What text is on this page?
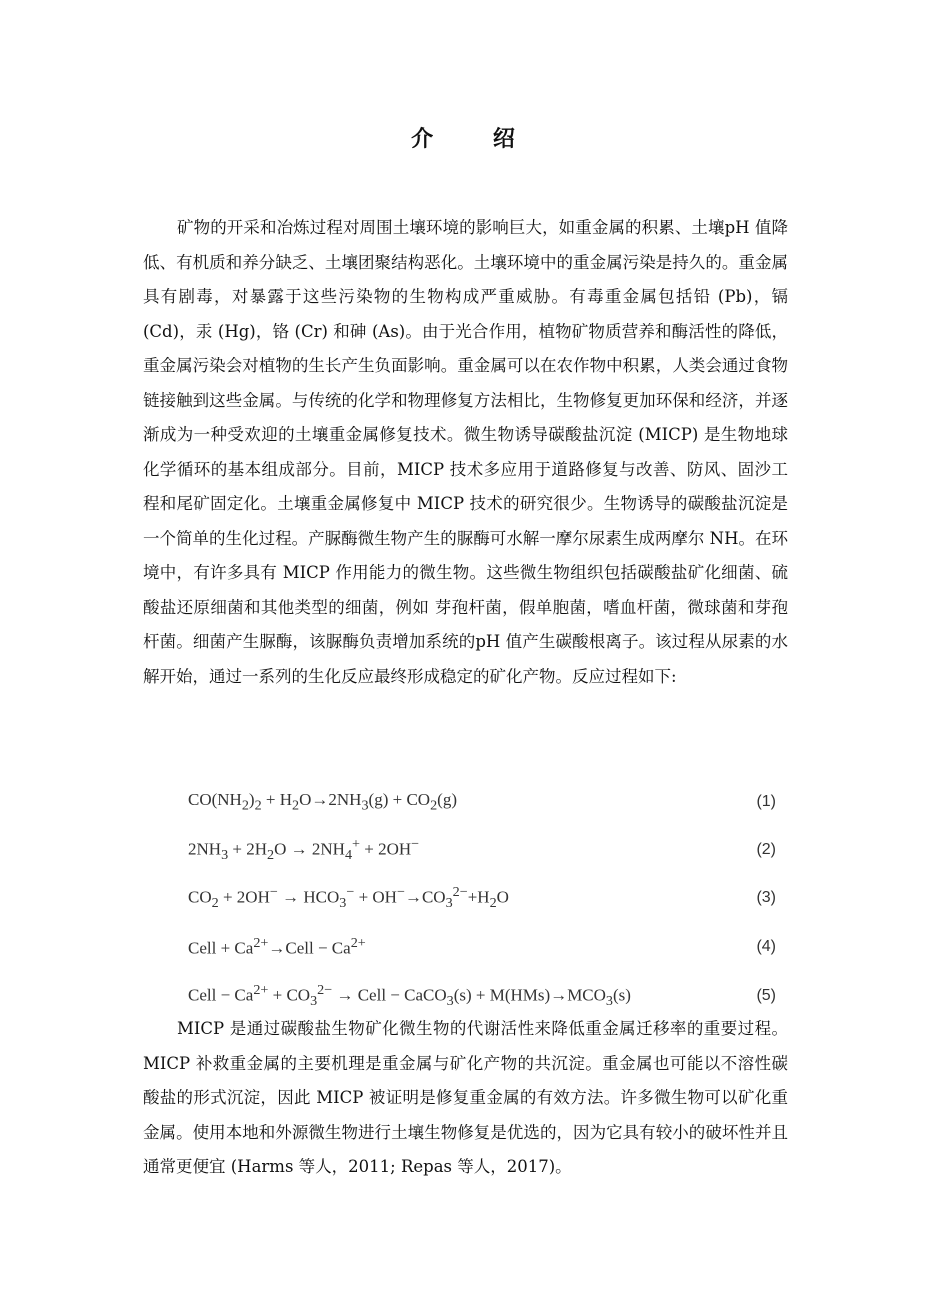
介 绍

矿物的开采和冶炼过程对周围土壤环境的影响巨大，如重金属的积累、土壤pH 值降低、有机质和养分缺乏、土壤团聚结构恶化。土壤环境中的重金属污染是持久的。重金属具有剧毒，对暴露于这些污染物的生物构成严重威胁。有毒重金属包括铅 (Pb)，镉 (Cd)，汞 (Hg)，铬 (Cr) 和砷 (As)。由于光合作用，植物矿物质营养和酶活性的降低，重金属污染会对植物的生长产生负面影响。重金属可以在农作物中积累，人类会通过食物链接触到这些金属。与传统的化学和物理修复方法相比，生物修复更加环保和经济，并逐渐成为一种受欢迎的土壤重金属修复技术。微生物诱导碳酸盐沉淀 (MICP) 是生物地球化学循环的基本组成部分。目前，MICP 技术多应用于道路修复与改善、防风、固沙工程和尾矿固定化。土壤重金属修复中 MICP 技术的研究很少。生物诱导的碳酸盐沉淀是一个简单的生化过程。产脲酶微生物产生的脲酶可水解一摩尔尿素生成两摩尔 NH。在环境中，有许多具有 MICP 作用能力的微生物。这些微生物组织包括碳酸盐矿化细菌、硫酸盐还原细菌和其他类型的细菌，例如 芽孢杆菌，假单胞菌，嗜血杆菌，微球菌和芽孢杆菌。细菌产生脲酶，该脲酶负责增加系统的pH 值产生碳酸根离子。该过程从尿素的水解开始，通过一系列的生化反应最终形成稳定的矿化产物。反应过程如下:

$CO(NH_2)_2 + H_2O\to 2NH_3(g) + CO_2(g)$	(1)
$2NH_3 + 2H_2O \to 2NH_4^+ + 2OH^-$	(2)
$CO_2 + 2OH^- \to HCO_3^- + OH^-\to CO_3^{2-}+H_2O$	(3)
Cell + $Ca^{2+}\to Cell - Ca^{2+}$	(4)
Cell − $Ca^{2+} + CO_3^{2-}$ → Cell − CaCO$_3$(s) + $M(HMs)\to MCO_3(s)$	(5)

MICP 是通过碳酸盐生物矿化微生物的代谢活性来降低重金属迁移率的重要过程。MICP 补救重金属的主要机理是重金属与矿化产物的共沉淀。重金属也可能以不溶性碳酸盐的形式沉淀，因此 MICP 被证明是修复重金属的有效方法。许多微生物可以矿化重金属。使用本地和外源微生物进行土壤生物修复是优选的，因为它具有较小的破坏性并且通常更便宜 (Harms 等人，2011; Repas 等人，2017)。
